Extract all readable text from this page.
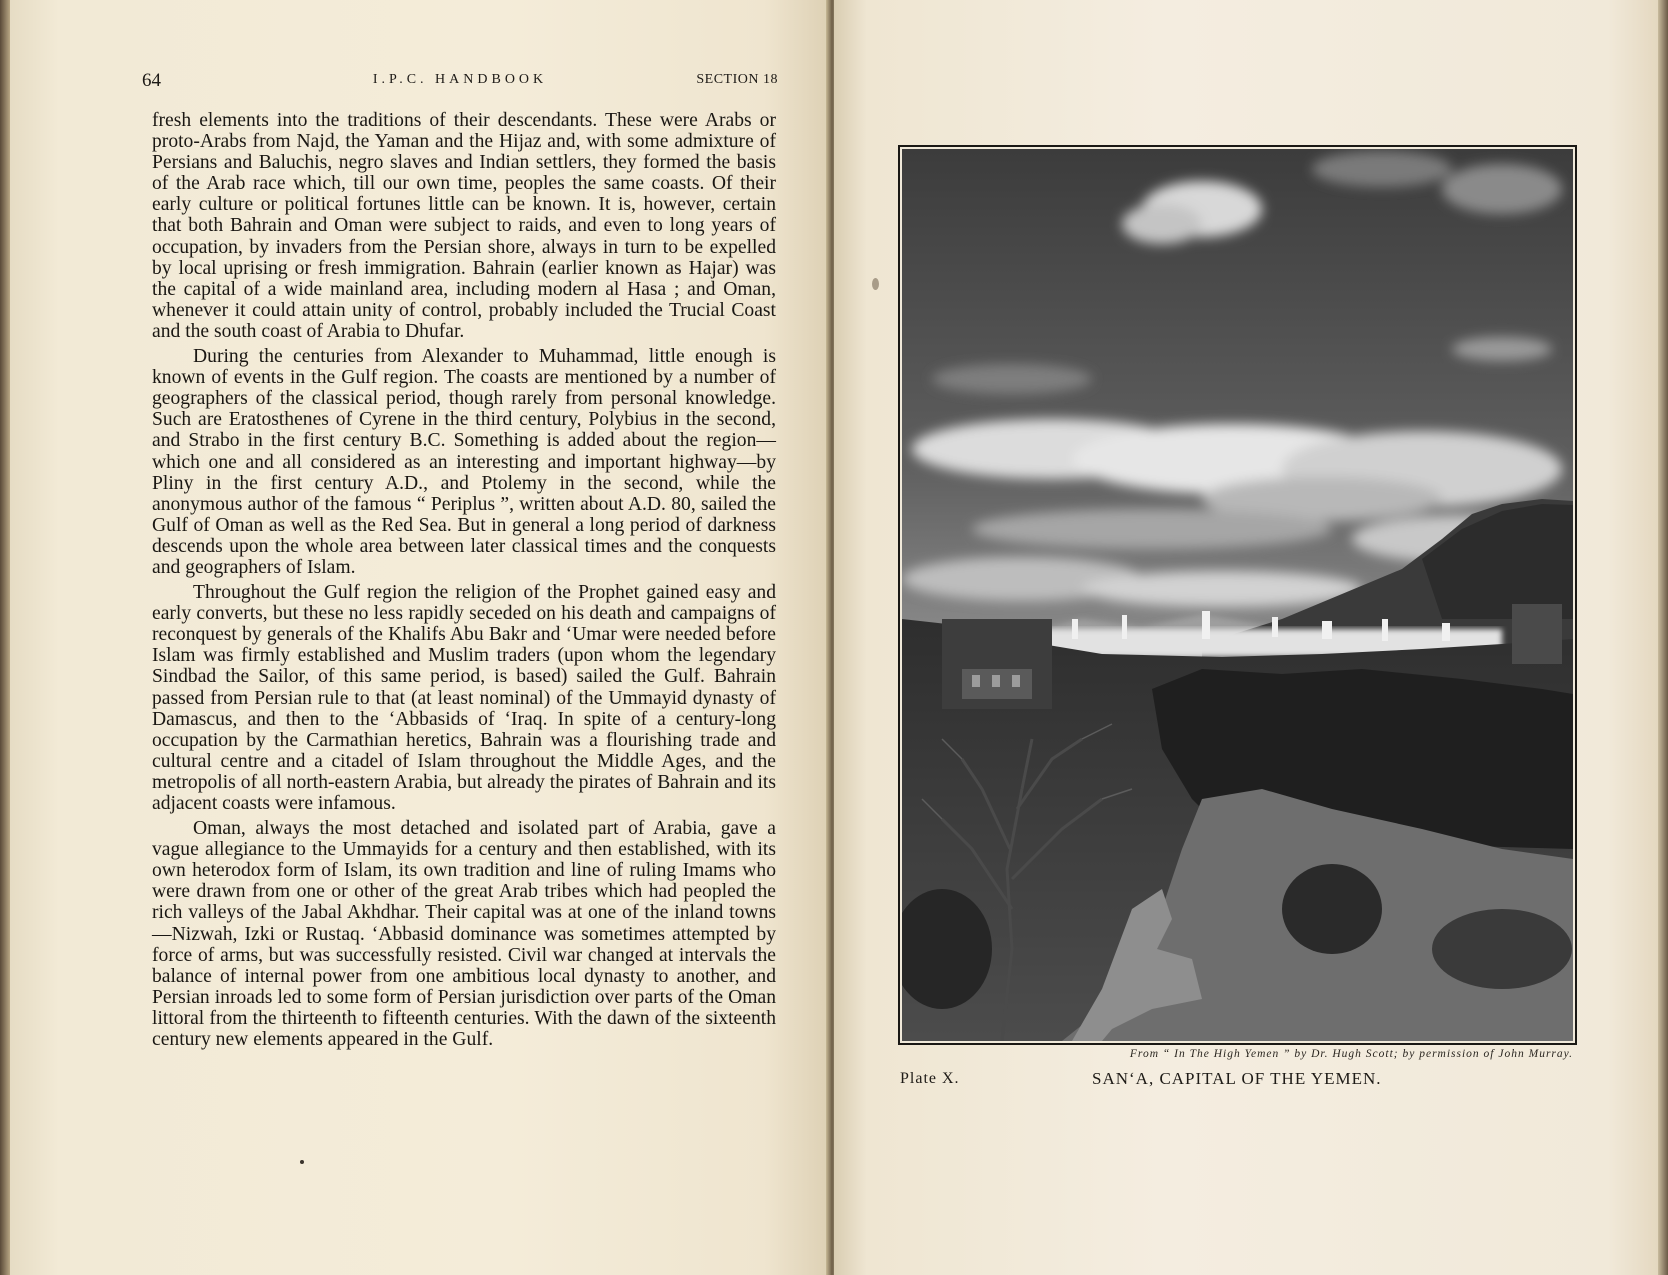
64	I.P.C. HANDBOOK	SECTION 18

fresh elements into the traditions of their descendants. These were Arabs or proto-Arabs from Najd, the Yaman and the Hijaz and, with some admixture of Persians and Baluchis, negro slaves and Indian settlers, they formed the basis of the Arab race which, till our own time, peoples the same coasts. Of their early culture or political fortunes little can be known. It is, however, certain that both Bahrain and Oman were subject to raids, and even to long years of occupation, by invaders from the Persian shore, always in turn to be expelled by local uprising or fresh immigration. Bahrain (earlier known as Hajar) was the capital of a wide mainland area, including modern al Hasa ; and Oman, whenever it could attain unity of control, probably included the Trucial Coast and the south coast of Arabia to Dhufar.

During the centuries from Alexander to Muhammad, little enough is known of events in the Gulf region. The coasts are mentioned by a number of geographers of the classical period, though rarely from personal knowledge. Such are Eratosthenes of Cyrene in the third century, Polybius in the second, and Strabo in the first century B.C. Something is added about the region—which one and all considered as an interesting and important highway—by Pliny in the first century A.D., and Ptolemy in the second, while the anonymous author of the famous “ Periplus ”, written about A.D. 80, sailed the Gulf of Oman as well as the Red Sea. But in general a long period of darkness descends upon the whole area between later classical times and the conquests and geographers of Islam.

Throughout the Gulf region the religion of the Prophet gained easy and early converts, but these no less rapidly seceded on his death and campaigns of reconquest by generals of the Khalifs Abu Bakr and ‘Umar were needed before Islam was firmly established and Muslim traders (upon whom the legendary Sindbad the Sailor, of this same period, is based) sailed the Gulf. Bahrain passed from Persian rule to that (at least nominal) of the Ummayid dynasty of Damascus, and then to the ‘Abbasids of ‘Iraq. In spite of a century-long occupation by the Carmathian heretics, Bahrain was a flourishing trade and cultural centre and a citadel of Islam throughout the Middle Ages, and the metropolis of all north-eastern Arabia, but already the pirates of Bahrain and its adjacent coasts were infamous.

Oman, always the most detached and isolated part of Arabia, gave a vague allegiance to the Ummayids for a century and then established, with its own heterodox form of Islam, its own tradition and line of ruling Imams who were drawn from one or other of the great Arab tribes which had peopled the rich valleys of the Jabal Akhdhar. Their capital was at one of the inland towns—Nizwah, Izki or Rustaq. ‘Abbasid dominance was sometimes attempted by force of arms, but was successfully resisted. Civil war changed at intervals the balance of internal power from one ambitious local dynasty to another, and Persian inroads led to some form of Persian jurisdiction over parts of the Oman littoral from the thirteenth to fifteenth centuries. With the dawn of the sixteenth century new elements appeared in the Gulf.

From “ In The High Yemen ” by Dr. Hugh Scott; by permission of John Murray.
Plate X.	SAN‘A, CAPITAL OF THE YEMEN.
